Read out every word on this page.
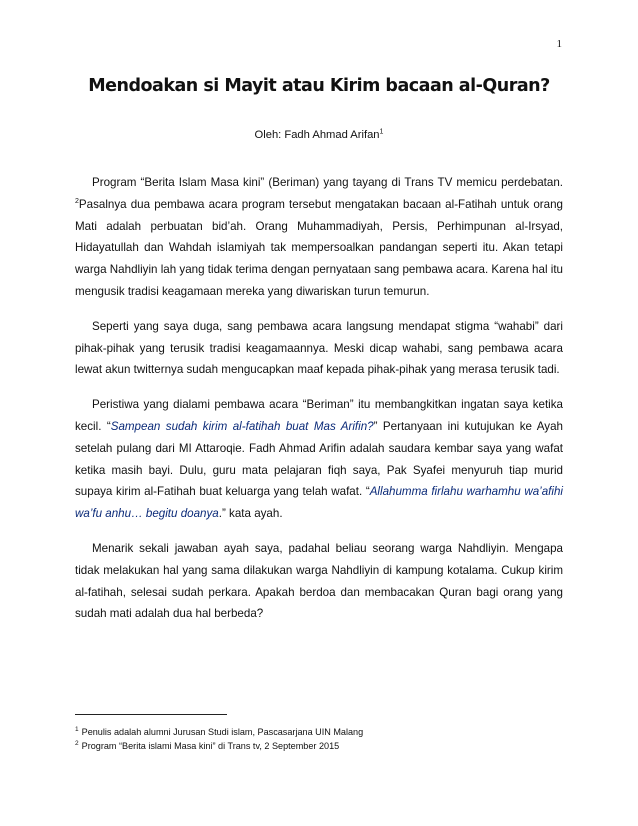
1
Mendoakan si Mayit atau Kirim bacaan al-Quran?
Oleh: Fadh Ahmad Arifan$^1$

Program “Berita Islam Masa kini” (Beriman) yang tayang di Trans TV memicu perdebatan. $^2$Pasalnya dua pembawa acara program tersebut mengatakan bacaan al-Fatihah untuk orang Mati adalah perbuatan bid’ah. Orang Muhammadiyah, Persis, Perhimpunan al-Irsyad, Hidayatullah dan Wahdah islamiyah tak mempersoalkan pandangan seperti itu. Akan tetapi warga Nahdliyin lah yang tidak terima dengan pernyataan sang pembawa acara. Karena hal itu mengusik tradisi keagamaan mereka yang diwariskan turun temurun.

Seperti yang saya duga, sang pembawa acara langsung mendapat stigma “wahabi” dari pihak-pihak yang terusik tradisi keagamaannya. Meski dicap wahabi, sang pembawa acara lewat akun twitternya sudah mengucapkan maaf kepada pihak-pihak yang merasa terusik tadi.

Peristiwa yang dialami pembawa acara “Beriman” itu membangkitkan ingatan saya ketika kecil. “Sampean sudah kirim al-fatihah buat Mas Arifin?” Pertanyaan ini kutujukan ke Ayah setelah pulang dari MI Attaroqie. Fadh Ahmad Arifin adalah saudara kembar saya yang wafat ketika masih bayi. Dulu, guru mata pelajaran fiqh saya, Pak Syafei menyuruh tiap murid supaya kirim al-Fatihah buat keluarga yang telah wafat. “Allahumma firlahu warhamhu wa’afihi wa’fu anhu… begitu doanya.” kata ayah.

Menarik sekali jawaban ayah saya, padahal beliau seorang warga Nahdliyin. Mengapa tidak melakukan hal yang sama dilakukan warga Nahdliyin di kampung kotalama. Cukup kirim al-fatihah, selesai sudah perkara. Apakah berdoa dan membacakan Quran bagi orang yang sudah mati adalah dua hal berbeda?

$^1$ Penulis adalah alumni Jurusan Studi islam, Pascasarjana UIN Malang
$^2$ Program “Berita islami Masa kini” di Trans tv, 2 September 2015
